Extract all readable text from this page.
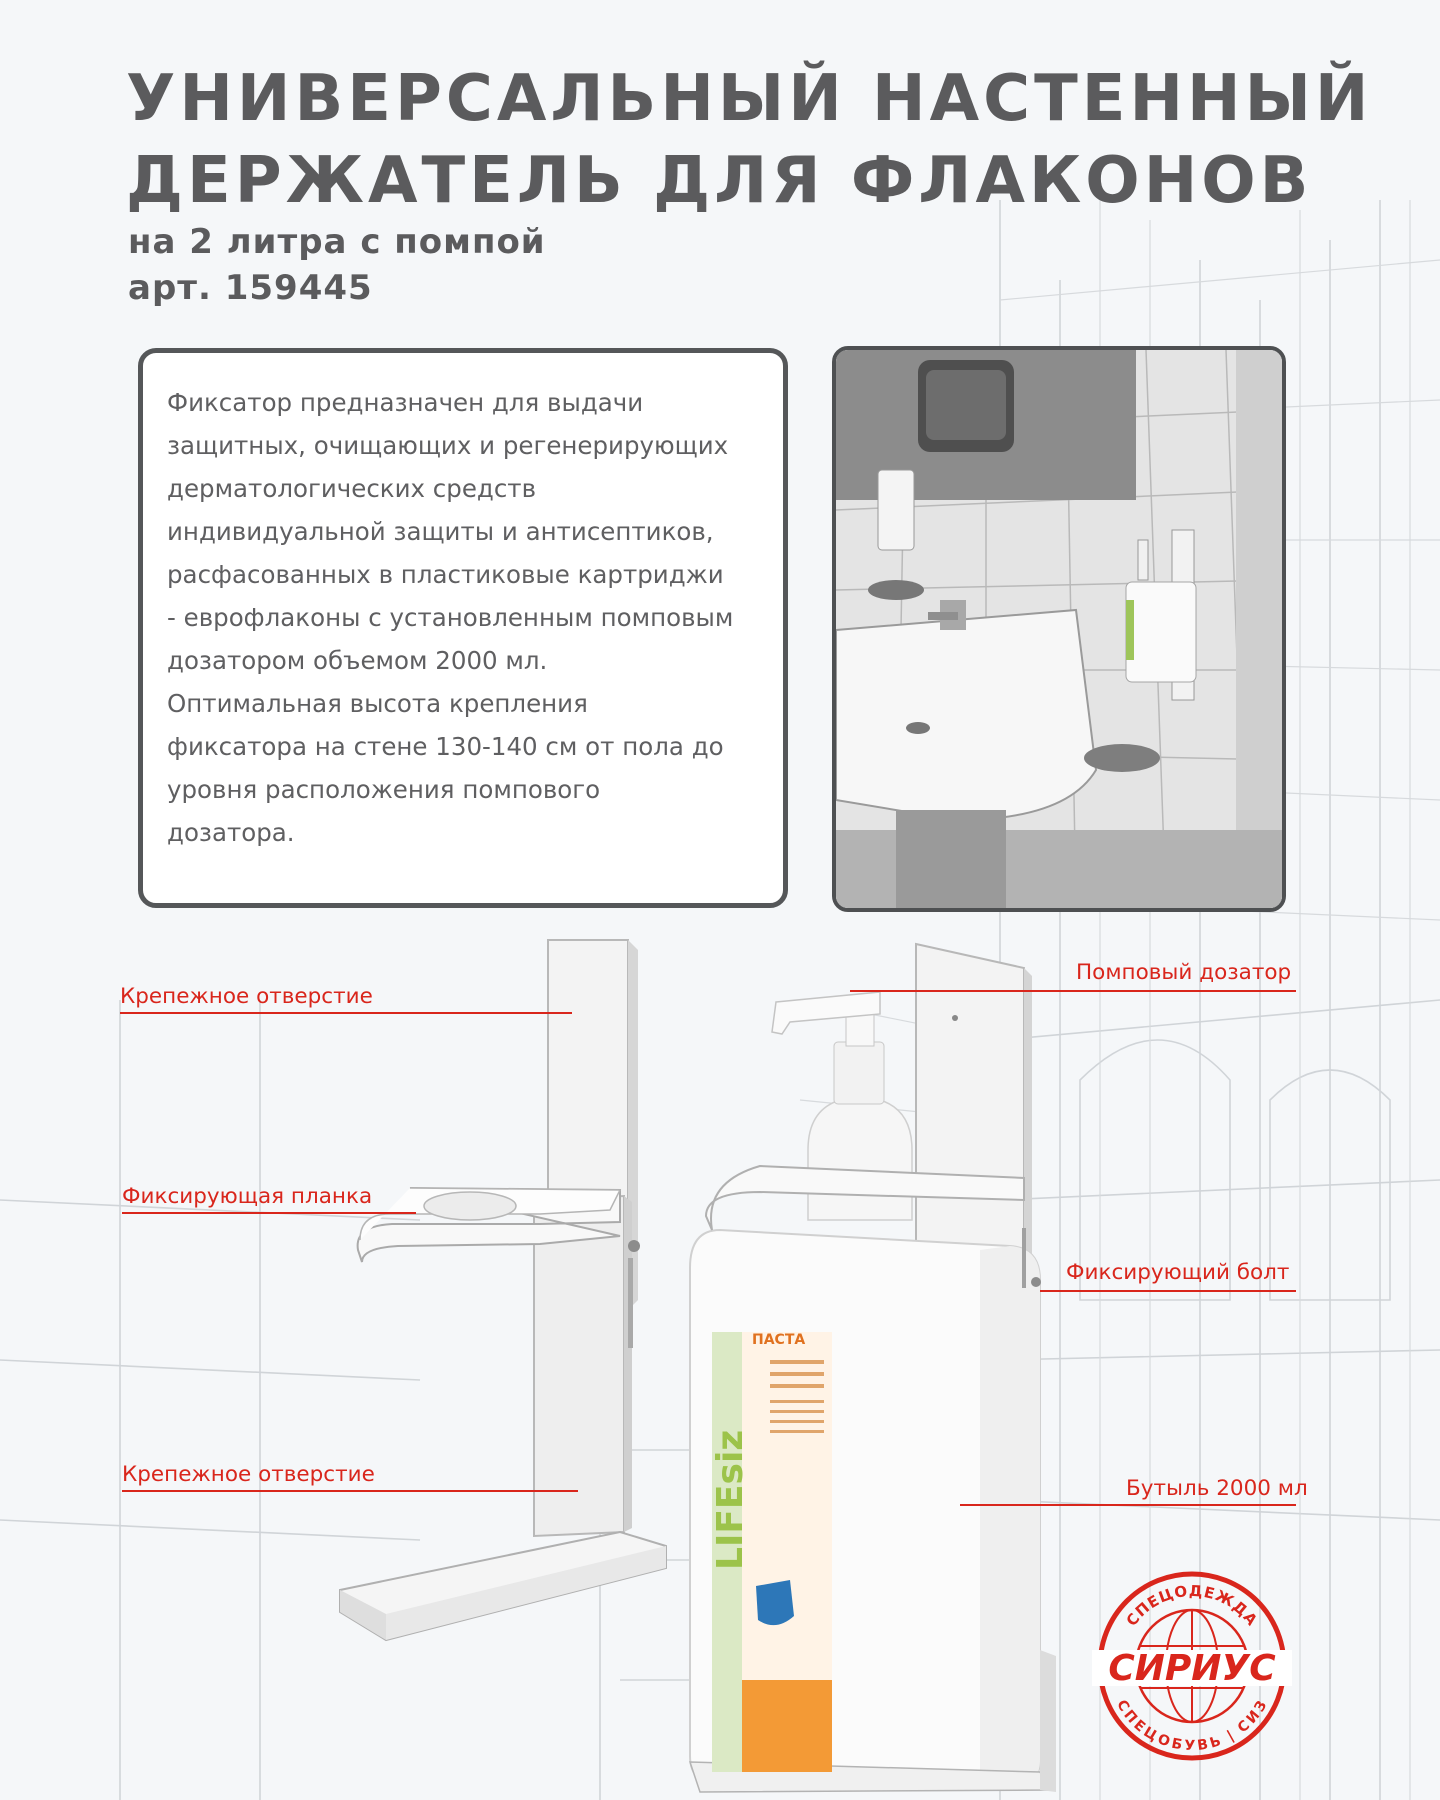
УНИВЕРСАЛЬНЫЙ НАСТЕННЫЙ
ДЕРЖАТЕЛЬ ДЛЯ ФЛАКОНОВ
на 2 литра с помпой
арт. 159445

Фиксатор предназначен для выдачи
защитных, очищающих и регенерирующих
дерматологических средств
индивидуальной защиты и антисептиков,
расфасованных в пластиковые картриджи
- еврофлаконы с установленным помповым
дозатором объемом 2000 мл.
Оптимальная высота крепления
фиксатора на стене 130-140 см от пола до
уровня расположения помпового
дозатора.

ПАСТА
LIFEsiz
Крепежное отверстие
Фиксирующая планка
Крепежное отверстие
Помповый дозатор
Фиксирующий болт
Бутыль 2000 мл
СПЕЦОДЕЖДА
СПЕЦОБУВЬ | СИЗ
СИРИУС
